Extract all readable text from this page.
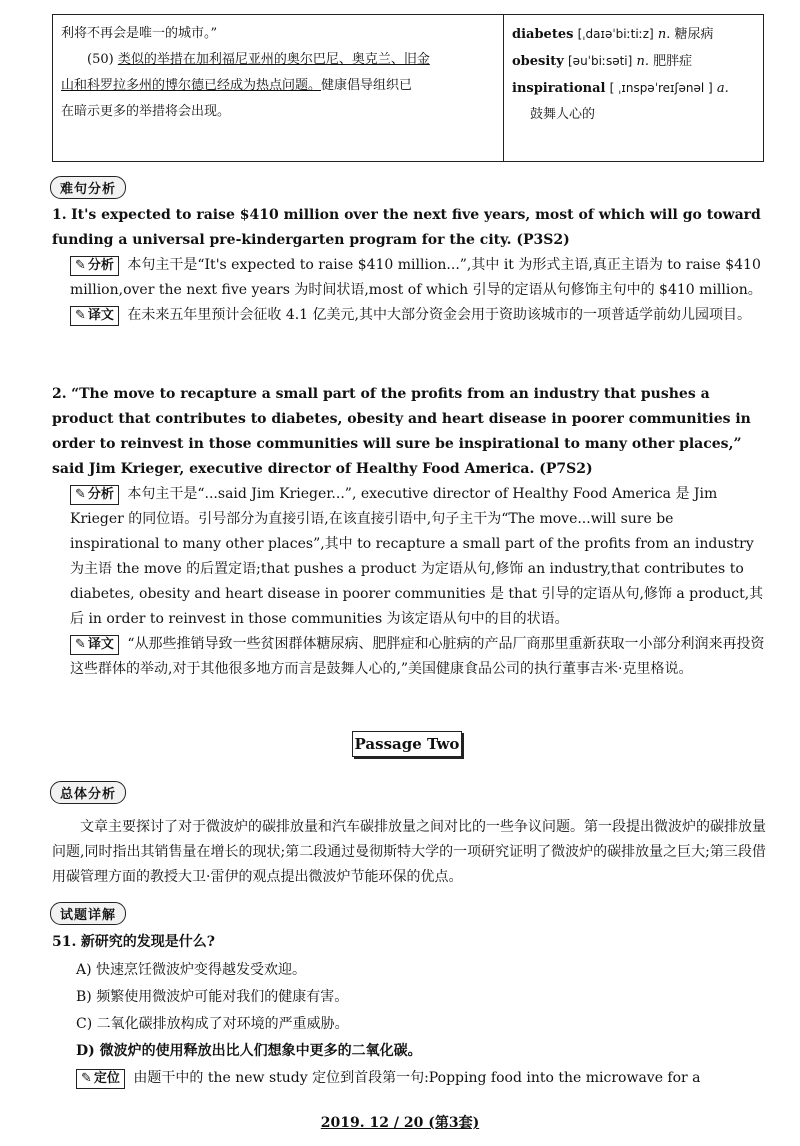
利将不再会是唯一的城市。”
(50) 类似的举措在加利福尼亚州的奥尔巴尼、奥克兰、旧金
山和科罗拉多州的博尔德已经成为热点问题。健康倡导组织已
在暗示更多的举措将会出现。
diabetes [ˌdaɪəˈbiːtiːz] n. 糖尿病
obesity [əuˈbiːsəti] n. 肥胖症
inspirational [ ˌɪnspəˈreɪʃənəl ] a.
鼓舞人心的
难句分析
1. It's expected to raise $410 million over the next five years, most of which will go toward funding a universal pre-kindergarten program for the city. (P3S2)
✎ 分析 本句主干是“It's expected to raise $410 million...”,其中 it 为形式主语,真正主语为 to raise $410 million,over the next five years 为时间状语,most of which 引导的定语从句修饰主句中的 $410 million。
✎ 译文 在未来五年里预计会征收 4.1 亿美元,其中大部分资金会用于资助该城市的一项普适学前幼儿园项目。
2. “The move to recapture a small part of the profits from an industry that pushes a product that contributes to diabetes, obesity and heart disease in poorer communities in order to reinvest in those communities will sure be inspirational to many other places,” said Jim Krieger, executive director of Healthy Food America. (P7S2)
✎ 分析 本句主干是“...said Jim Krieger...”, executive director of Healthy Food America 是 Jim Krieger 的同位语。引号部分为直接引语,在该直接引语中,句子主干为“The move...will sure be inspirational to many other places”,其中 to recapture a small part of the profits from an industry 为主语 the move 的后置定语;that pushes a product 为定语从句,修饰 an industry,that contributes to diabetes, obesity and heart disease in poorer communities 是 that 引导的定语从句,修饰 a product,其后 in order to reinvest in those communities 为该定语从句中的目的状语。
✎ 译文 “从那些推销导致一些贫困群体糖尿病、肥胖症和心脏病的产品厂商那里重新获取一小部分利润来再投资这些群体的举动,对于其他很多地方而言是鼓舞人心的,”美国健康食品公司的执行董事吉米·克里格说。
Passage Two
总体分析
文章主要探讨了对于微波炉的碳排放量和汽车碳排放量之间对比的一些争议问题。第一段提出微波炉的碳排放量问题,同时指出其销售量在增长的现状;第二段通过曼彻斯特大学的一项研究证明了微波炉的碳排放量之巨大;第三段借用碳管理方面的教授大卫·雷伊的观点提出微波炉节能环保的优点。
试题详解
51. 新研究的发现是什么?
A) 快速烹饪微波炉变得越发受欢迎。
B) 频繁使用微波炉可能对我们的健康有害。
C) 二氧化碳排放构成了对环境的严重威胁。
D) 微波炉的使用释放出比人们想象中更多的二氧化碳。
✎ 定位 由题干中的 the new study 定位到首段第一句:Popping food into the microwave for a
2019. 12 / 20 (第3套)
